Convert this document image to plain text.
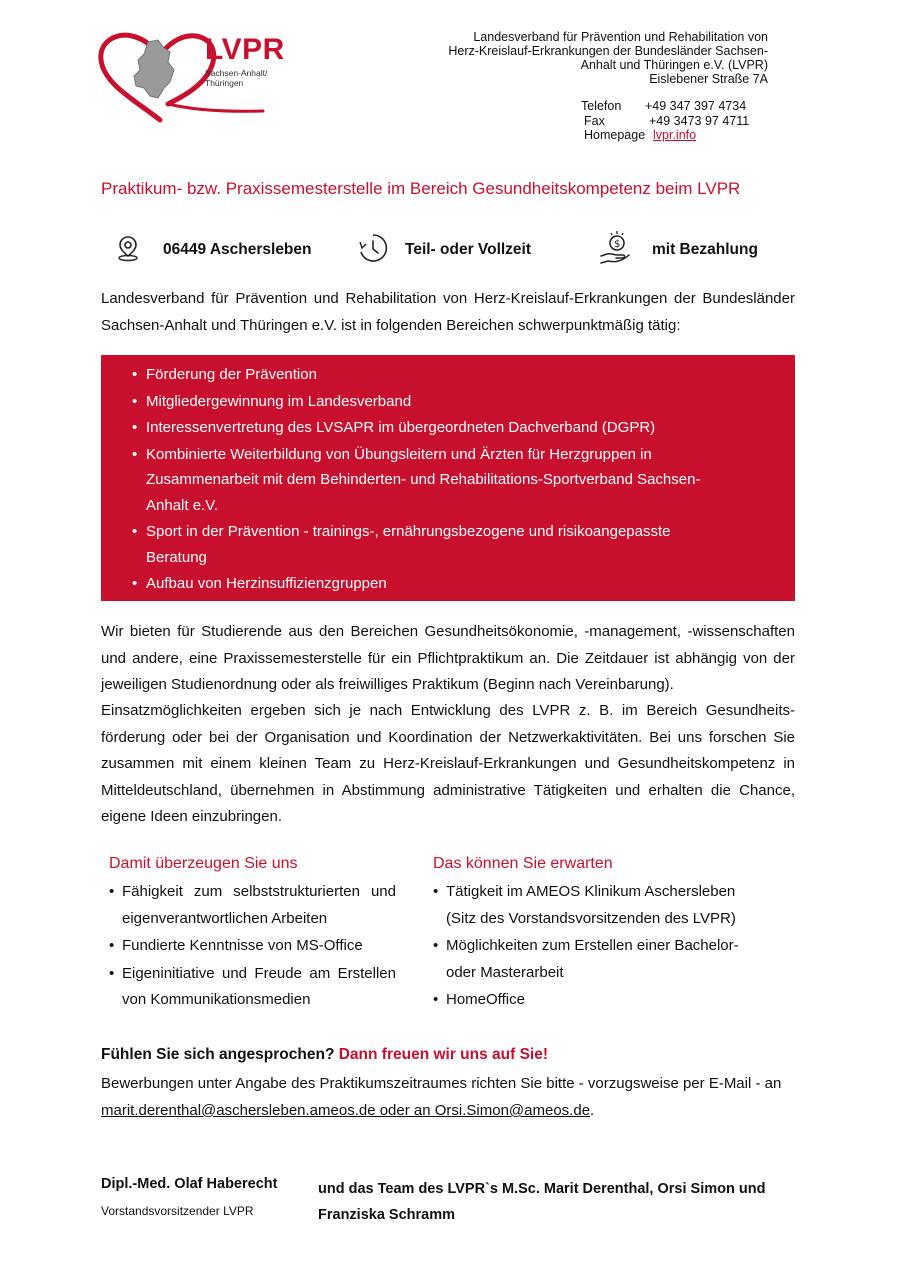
LVPR
Sachsen-Anhalt/
Thüringen
Landesverband für Prävention und Rehabilitation von
Herz-Kreislauf-Erkrankungen der Bundesländer Sachsen-
Anhalt und Thüringen e.V. (LVPR)
Eislebener Straße 7A
Telefon	+49 347 397 4734
Fax	+49 3473 97 4711
Homepage lvpr.info
Praktikum- bzw. Praxissemesterstelle im Bereich Gesundheitskompetenz beim LVPR
06449 Aschersleben	Teil- oder Vollzeit	$ mit Bezahlung
Landesverband für Prävention und Rehabilitation von Herz-Kreislauf-Erkrankungen der Bundesländer Sachsen-Anhalt und Thüringen e.V. ist in folgenden Bereichen schwerpunktmäßig tätig:
• Förderung der Prävention
• Mitgliedergewinnung im Landesverband
• Interessenvertretung des LVSAPR im übergeordneten Dachverband (DGPR)
• Kombinierte Weiterbildung von Übungsleitern und Ärzten für Herzgruppen in Zusammenarbeit mit dem Behinderten- und Rehabilitations-Sportverband Sachsen-Anhalt e.V.
• Sport in der Prävention - trainings-, ernährungsbezogene und risikoangepasste Beratung
• Aufbau von Herzinsuffizienzgruppen
Wir bieten für Studierende aus den Bereichen Gesundheitsökonomie, -management, -wissenschaften und andere, eine Praxissemesterstelle für ein Pflichtpraktikum an. Die Zeitdauer ist abhängig von der jeweiligen Studienordnung oder als freiwilliges Praktikum (Beginn nach Vereinbarung).
Einsatzmöglichkeiten ergeben sich je nach Entwicklung des LVPR z. B. im Bereich Gesundheits-förderung oder bei der Organisation und Koordination der Netzwerkaktivitäten. Bei uns forschen Sie zusammen mit einem kleinen Team zu Herz-Kreislauf-Erkrankungen und Gesundheitskompetenz in Mitteldeutschland, übernehmen in Abstimmung administrative Tätigkeiten und erhalten die Chance, eigene Ideen einzubringen.
Damit überzeugen Sie uns
• Fähigkeit zum selbststrukturierten und eigenverantwortlichen Arbeiten
• Fundierte Kenntnisse von MS-Office
• Eigeninitiative und Freude am Erstellen von Kommunikationsmedien
Das können Sie erwarten
• Tätigkeit im AMEOS Klinikum Aschersleben (Sitz des Vorstandsvorsitzenden des LVPR)
• Möglichkeiten zum Erstellen einer Bachelor- oder Masterarbeit
• HomeOffice
Fühlen Sie sich angesprochen? Dann freuen wir uns auf Sie!
Bewerbungen unter Angabe des Praktikumszeitraumes richten Sie bitte - vorzugsweise per E-Mail - an marit.derenthal@aschersleben.ameos.de oder an Orsi.Simon@ameos.de.
Dipl.-Med. Olaf Haberecht
Vorstandsvorsitzender LVPR
und das Team des LVPR`s M.Sc. Marit Derenthal, Orsi Simon und Franziska Schramm
